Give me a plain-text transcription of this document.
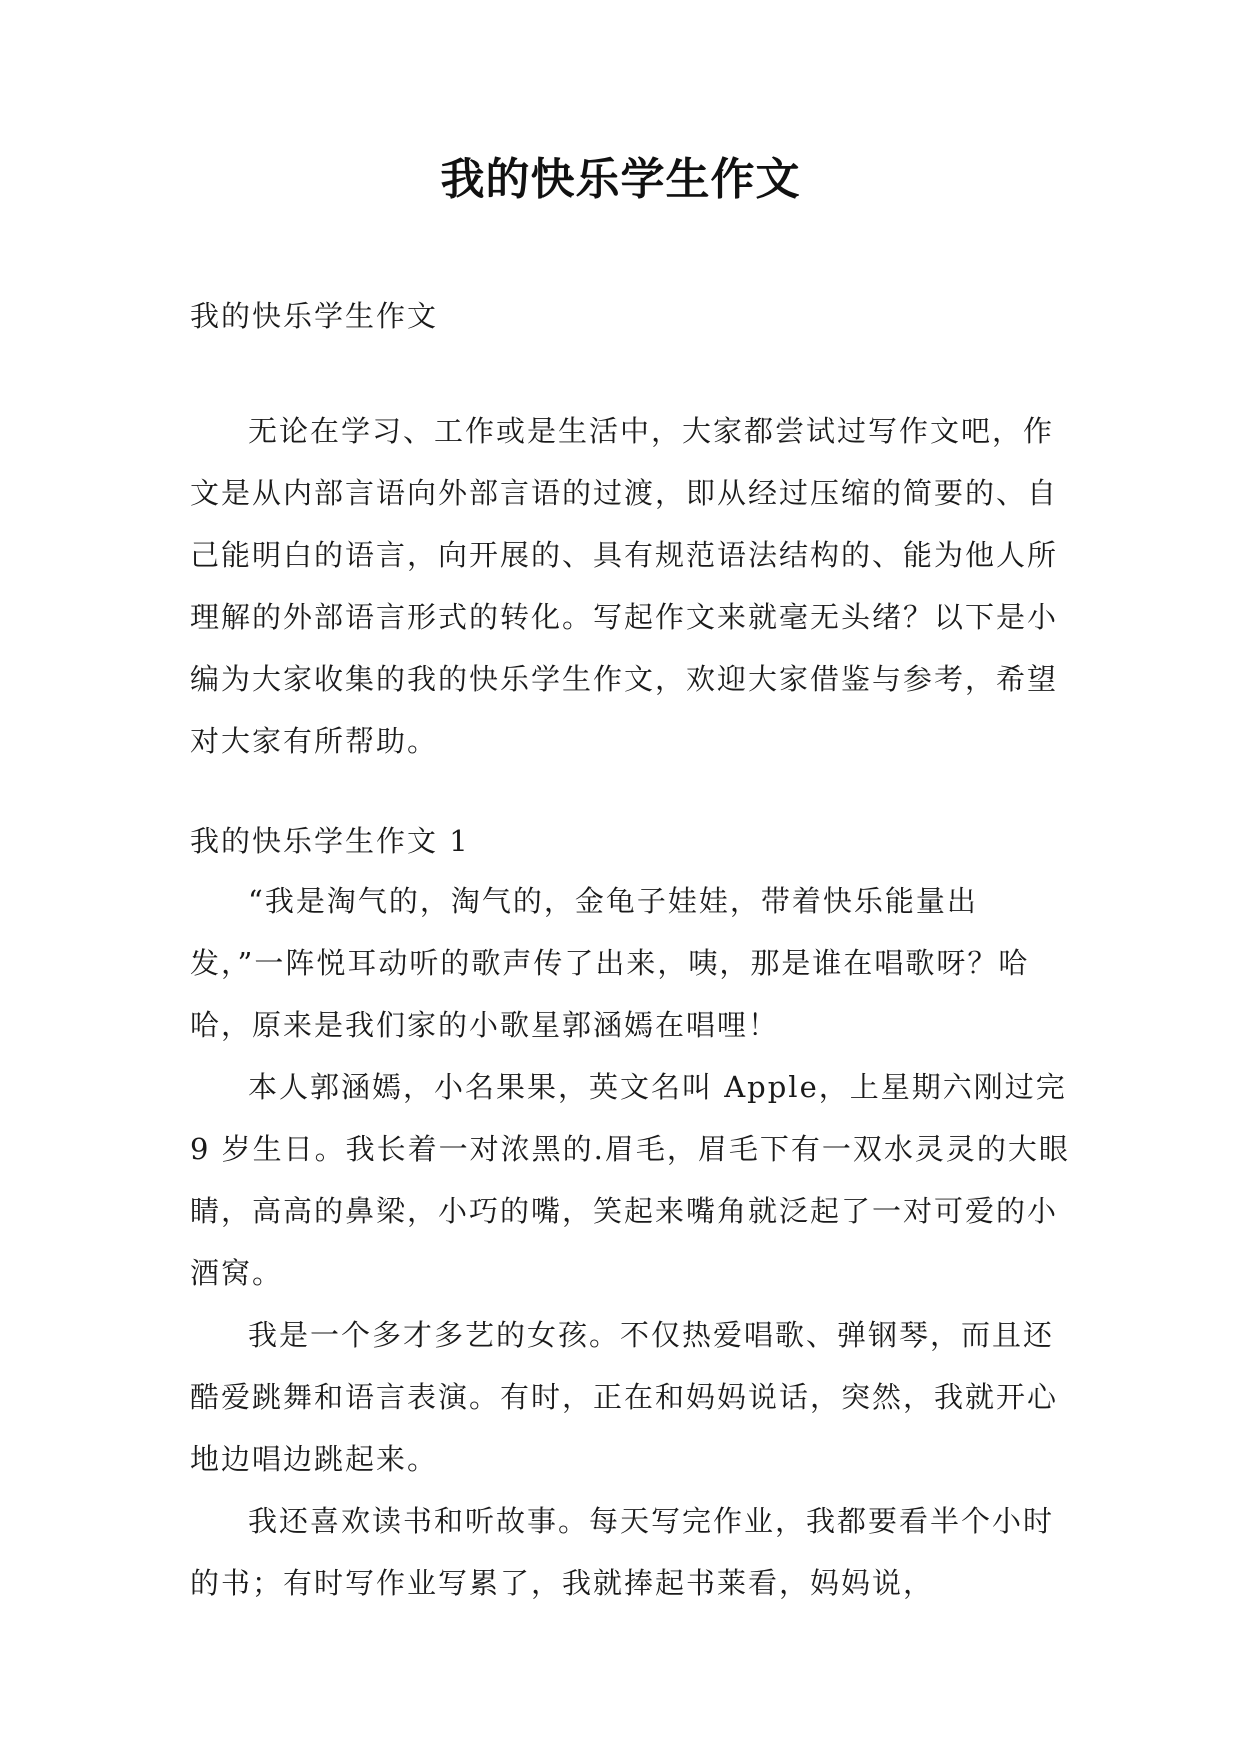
我的快乐学生作文

我的快乐学生作文

无论在学习、工作或是生活中，大家都尝试过写作文吧，作文是从内部言语向外部言语的过渡，即从经过压缩的简要的、自己能明白的语言，向开展的、具有规范语法结构的、能为他人所理解的外部语言形式的转化。写起作文来就毫无头绪？以下是小编为大家收集的我的快乐学生作文，欢迎大家借鉴与参考，希望对大家有所帮助。

我的快乐学生作文 1

“我是淘气的，淘气的，金龟子娃娃，带着快乐能量出发，”一阵悦耳动听的歌声传了出来，咦，那是谁在唱歌呀？哈哈，原来是我们家的小歌星郭涵嫣在唱哩！

本人郭涵嫣，小名果果，英文名叫 Apple，上星期六刚过完 9 岁生日。我长着一对浓黑的.眉毛，眉毛下有一双水灵灵的大眼睛，高高的鼻梁，小巧的嘴，笑起来嘴角就泛起了一对可爱的小酒窝。

我是一个多才多艺的女孩。不仅热爱唱歌、弹钢琴，而且还酷爱跳舞和语言表演。有时，正在和妈妈说话，突然，我就开心地边唱边跳起来。

我还喜欢读书和听故事。每天写完作业，我都要看半个小时的书；有时写作业写累了，我就捧起书莱看，妈妈说，
